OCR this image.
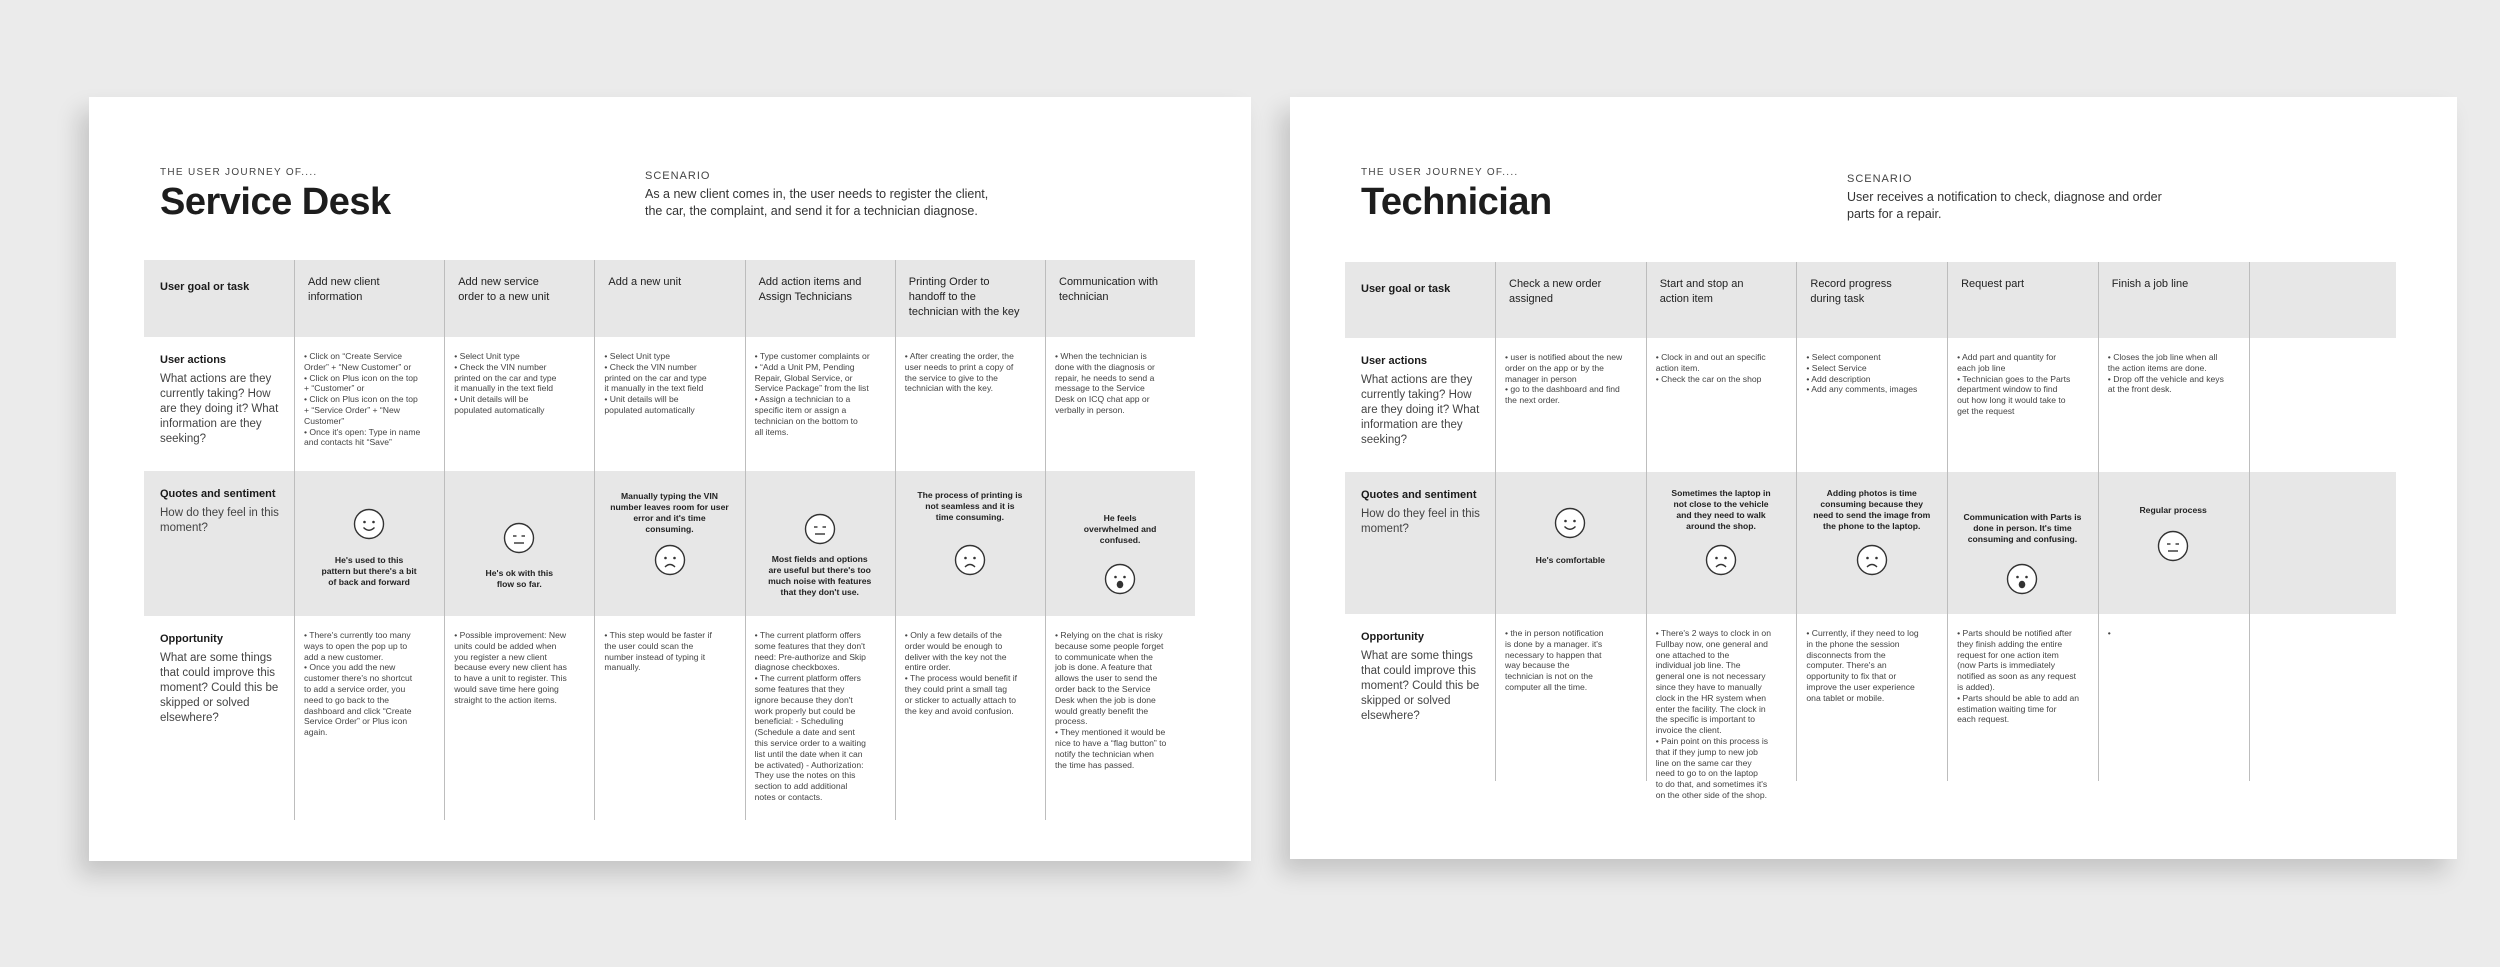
THE USER JOURNEY OF....
Service Desk
SCENARIO
As a new client comes in, the user needs to register the client,
the car, the complaint, and send it for a technician diagnose.
User goal or task
User actions
What actions are they currently taking? How are they doing it? What information are they seeking?
Quotes and sentiment
How do they feel in this moment?
Opportunity
What are some things that could improve this moment? Could this be skipped or solved elsewhere?
Add new client
information
• Click on “Create Service
Order” + “New Customer” or
• Click on Plus icon on the top
+ “Customer” or
• Click on Plus icon on the top
+ “Service Order” + “New
Customer”
• Once it's open: Type in name
and contacts hit “Save”
• There's currently too many
ways to open the pop up to
add a new customer.
• Once you add the new
customer there's no shortcut
to add a service order, you
need to go back to the
dashboard and click “Create
Service Order” or Plus icon
again.
He's used to this
pattern but there's a bit
of back and forward
Add new service
order to a new unit
• Select Unit type
• Check the VIN number
printed on the car and type
it manually in the text field
• Unit details will be
populated automatically
• Possible improvement: New
units could be added when
you register a new client
because every new client has
to have a unit to register. This
would save time here going
straight to the action items.
He's ok with this
flow so far.
Add a new unit
• Select Unit type
• Check the VIN number
printed on the car and type
it manually in the text field
• Unit details will be
populated automatically
• This step would be faster if
the user could scan the
number instead of typing it
manually.
Manually typing the VIN
number leaves room for user
error and it's time
consuming.
Add action items and
Assign Technicians
• Type customer complaints or
• “Add a Unit PM, Pending
Repair, Global Service, or
Service Package” from the list
• Assign a technician to a
specific item or assign a
technician on the bottom to
all items.
• The current platform offers
some features that they don't
need: Pre-authorize and Skip
diagnose checkboxes.
• The current platform offers
some features that they
ignore because they don't
work properly but could be
beneficial: - Scheduling
(Schedule a date and sent
this service order to a waiting
list until the date when it can
be activated) - Authorization:
They use the notes on this
section to add additional
notes or contacts.
Most fields and options
are useful but there's too
much noise with features
that they don't use.
Printing Order to
handoff to the
technician with the key
• After creating the order, the
user needs to print a copy of
the service to give to the
technician with the key.
• Only a few details of the
order would be enough to
deliver with the key not the
entire order.
• The process would benefit if
they could print a small tag
or sticker to actually attach to
the key and avoid confusion.
The process of printing is
not seamless and it is
time consuming.
Communication with
technician
• When the technician is
done with the diagnosis or
repair, he needs to send a
message to the Service
Desk on ICQ chat app or
verbally in person.
• Relying on the chat is risky
because some people forget
to communicate when the
job is done. A feature that
allows the user to send the
order back to the Service
Desk when the job is done
would greatly benefit the
process.
• They mentioned it would be
nice to have a “flag button” to
notify the technician when
the time has passed.
He feels
overwhelmed and
confused.
THE USER JOURNEY OF....
Technician
SCENARIO
User receives a notification to check, diagnose and order
parts for a repair.
User goal or task
User actions
What actions are they currently taking? How are they doing it? What information are they seeking?
Quotes and sentiment
How do they feel in this moment?
Opportunity
What are some things that could improve this moment? Could this be skipped or solved elsewhere?
Check a new order
assigned
• user is notified about the new
order on the app or by the
manager in person
• go to the dashboard and find
the next order.
• the in person notification
is done by a manager. it's
necessary to happen that
way because the
technician is not on the
computer all the time.
He's comfortable
Start and stop an
action item
• Clock in and out an specific
action item.
• Check the car on the shop
• There's 2 ways to clock in on
Fullbay now, one general and
one attached to the
individual job line. The
general one is not necessary
since they have to manually
clock in the HR system when
enter the facility. The clock in
the specific is important to
invoice the client.
• Pain point on this process is
that if they jump to new job
line on the same car they
need to go to on the laptop
to do that, and sometimes it's
on the other side of the shop.
Sometimes the laptop in
not close to the vehicle
and they need to walk
around the shop.
Record progress
during task
• Select component
• Select Service
• Add description
• Add any comments, images
• Currently, if they need to log
in the phone the session
disconnects from the
computer. There's an
opportunity to fix that or
improve the user experience
ona tablet or mobile.
Adding photos is time
consuming because they
need to send the image from
the phone to the laptop.
Request part
• Add part and quantity for
each job line
• Technician goes to the Parts
department window to find
out how long it would take to
get the request
• Parts should be notified after
they finish adding the entire
request for one action item
(now Parts is immediately
notified as soon as any request
is added).
• Parts should be able to add an
estimation waiting time for
each request.
Communication with Parts is
done in person. It's time
consuming and confusing.
Finish a job line
• Closes the job line when all
the action items are done.
• Drop off the vehicle and keys
at the front desk.
•
Regular process
